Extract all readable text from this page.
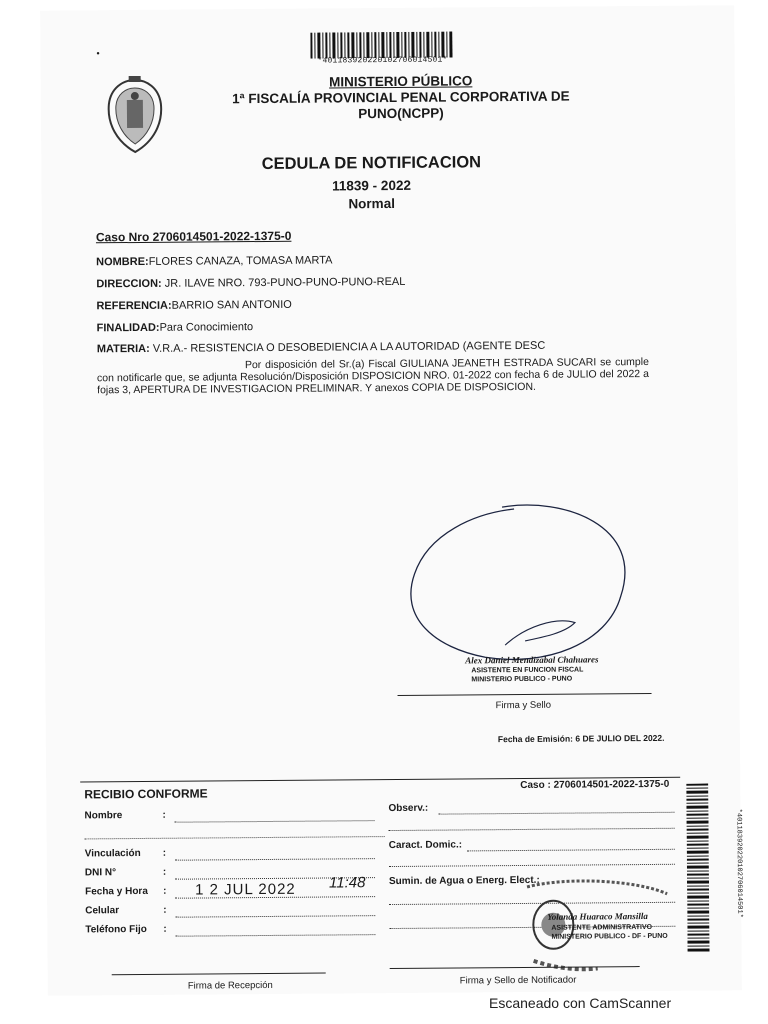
•
*40118392022010270601450​1*
MINISTERIO PÚBLICO
1ª FISCALÍA PROVINCIAL PENAL CORPORATIVA DE
PUNO(NCPP)
CEDULA DE NOTIFICACION
11839 - 2022
Normal
Caso Nro 2706014501-2022-1375-0
NOMBRE:FLORES CANAZA, TOMASA MARTA
DIRECCION: JR. ILAVE NRO. 793-PUNO-PUNO-PUNO-REAL
REFERENCIA:BARRIO SAN ANTONIO
FINALIDAD:Para Conocimiento
MATERIA: V.R.A.- RESISTENCIA O DESOBEDIENCIA A LA AUTORIDAD (AGENTE DESC
Por disposición del Sr.(a) Fiscal GIULIANA JEANETH ESTRADA SUCARI se cumple con notificarle que, se adjunta Resolución/Disposición DISPOSICION NRO. 01-2022 con fecha 6 de JULIO del 2022 a fojas 3, APERTURA DE INVESTIGACION PRELIMINAR. Y anexos COPIA DE DISPOSICION.
Alex Daniel Mendizabal Chahuares
ASISTENTE EN FUNCION FISCAL
MINISTERIO PUBLICO - PUNO
Firma y Sello
Fecha de Emisión: 6 DE JULIO DEL 2022.
RECIBIO CONFORME
Caso : 2706014501-2022-1375-0
Nombre	:
Vinculación :
DNI N°	:
Fecha y Hora : 1 2 JUL 2022 11:48
Celular	:
Teléfono Fijo :
Observ.:
Caract. Domic.:
Sumin. de Agua o Energ. Elect.:
Yolanda Huaraco Mansilla
ASISTENTE ADMINISTRATIVO
MINISTERIO PUBLICO - DF - PUNO
Firma de Recepción	Firma y Sello de Notificador
*40118392022010270601450​1*
Escaneado con CamScanner
